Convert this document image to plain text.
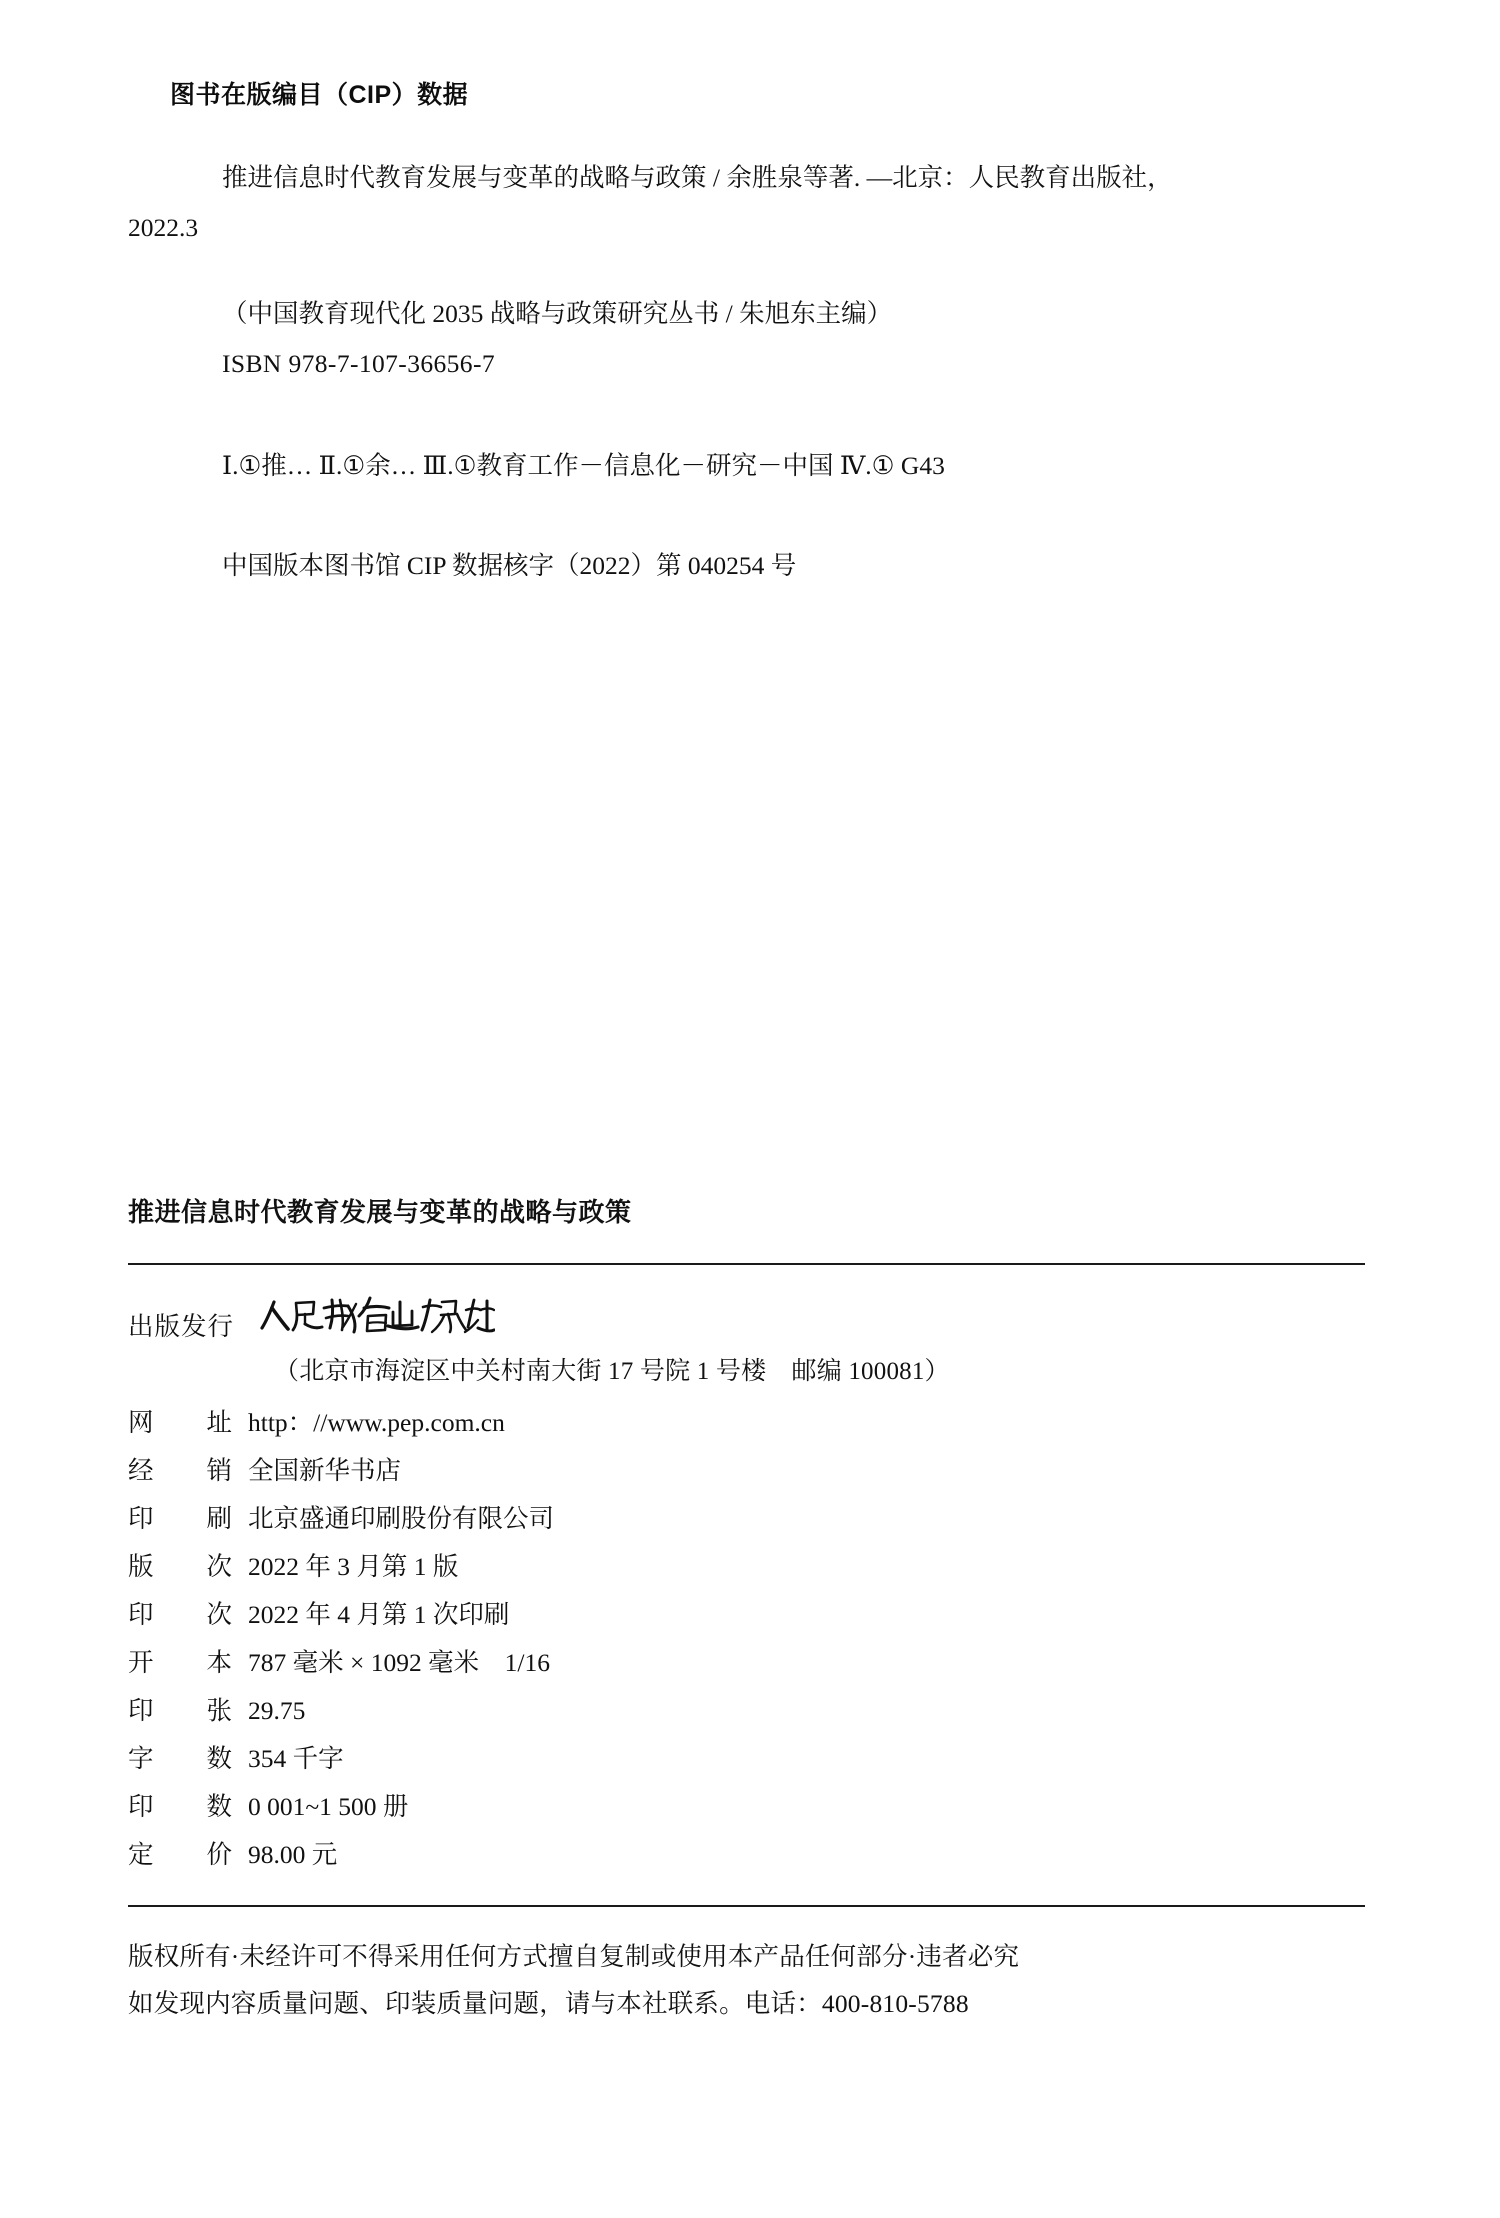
图书在版编目（CIP）数据
推进信息时代教育发展与变革的战略与政策 / 余胜泉等著. —北京：人民教育出版社，
2022.3
（中国教育现代化 2035 战略与政策研究丛书 / 朱旭东主编）
ISBN 978-7-107-36656-7
Ⅰ.①推… Ⅱ.①余… Ⅲ.①教育工作－信息化－研究－中国 Ⅳ.① G43
中国版本图书馆 CIP 数据核字（2022）第 040254 号
推进信息时代教育发展与变革的战略与政策
出版发行
（北京市海淀区中关村南大街 17 号院 1 号楼　邮编 100081）
网址	http：//www.pep.com.cn
经销	全国新华书店
印刷	北京盛通印刷股份有限公司
版次	2022 年 3 月第 1 版
印次	2022 年 4 月第 1 次印刷
开本	787 毫米 × 1092 毫米　1/16
印张	29.75
字数	354 千字
印数	0 001~1 500 册
定价	98.00 元
版权所有·未经许可不得采用任何方式擅自复制或使用本产品任何部分·违者必究
如发现内容质量问题、印装质量问题，请与本社联系。电话：400-810-5788
